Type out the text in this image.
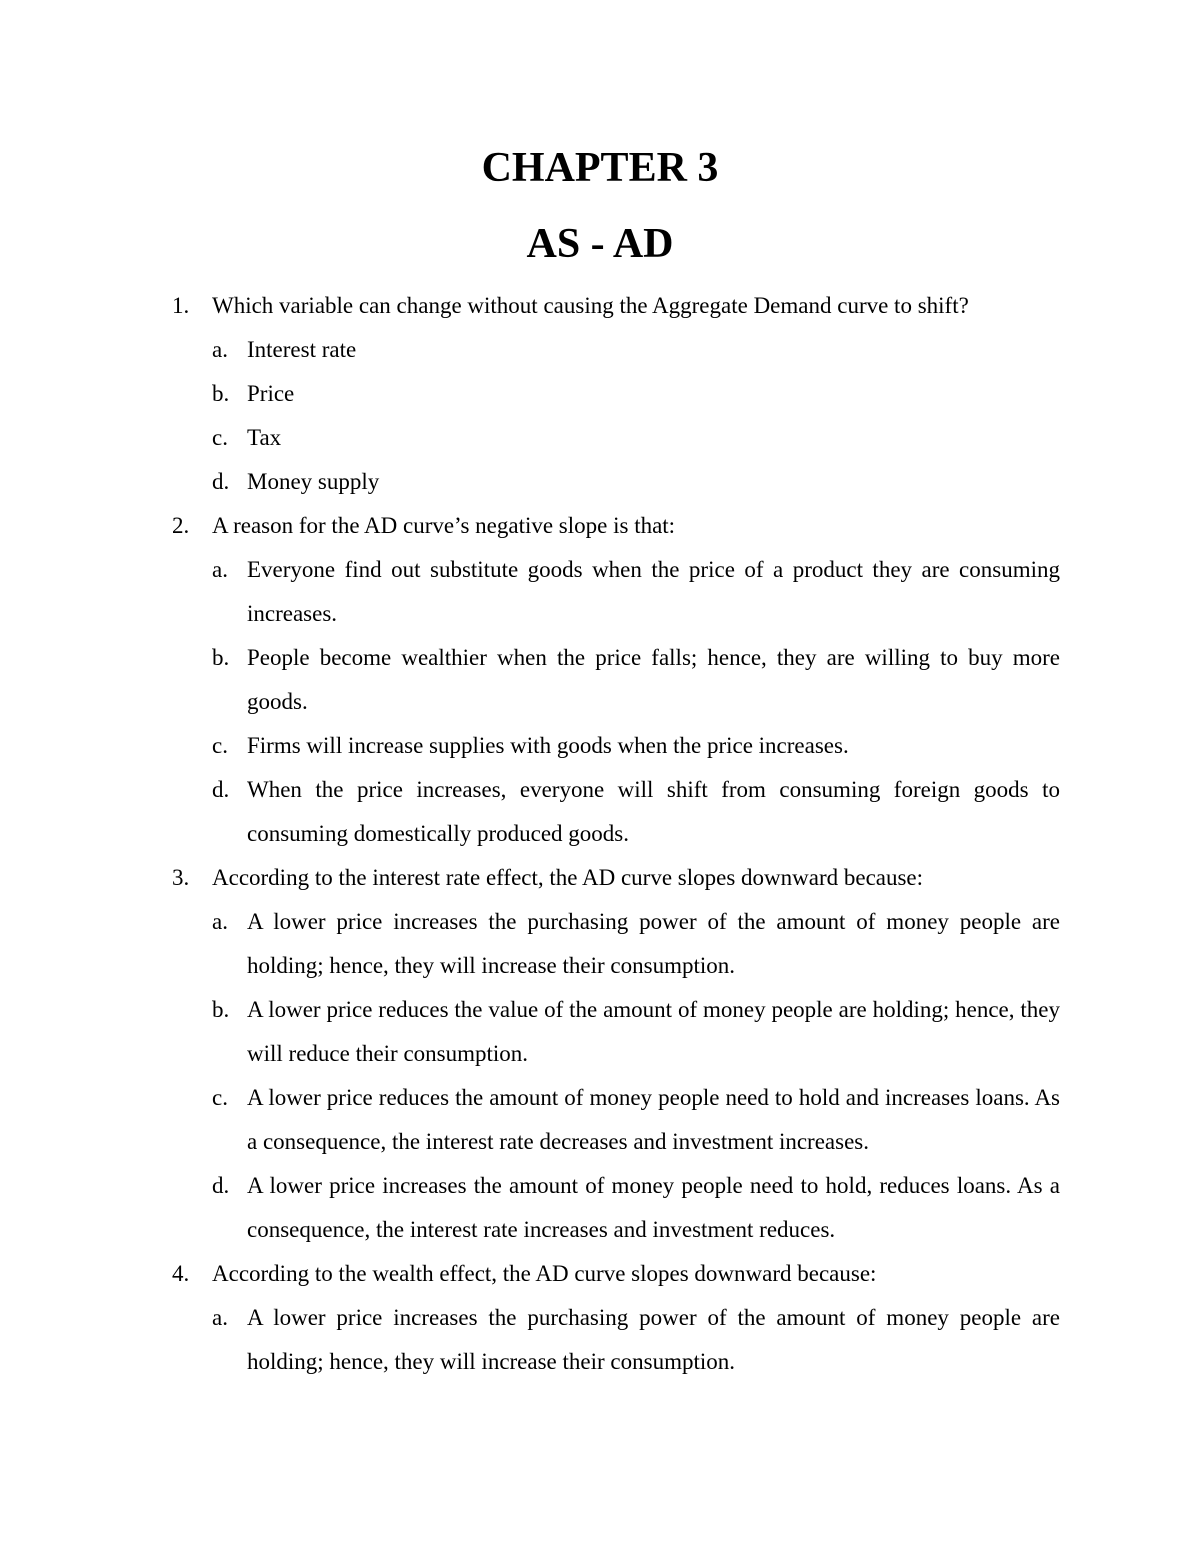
CHAPTER 3
AS - AD
1. Which variable can change without causing the Aggregate Demand curve to shift?
a. Interest rate
b. Price
c. Tax
d. Money supply
2. A reason for the AD curve’s negative slope is that:
a. Everyone find out substitute goods when the price of a product they are consuming increases.
b. People become wealthier when the price falls; hence, they are willing to buy more goods.
c. Firms will increase supplies with goods when the price increases.
d. When the price increases, everyone will shift from consuming foreign goods to consuming domestically produced goods.
3. According to the interest rate effect, the AD curve slopes downward because:
a. A lower price increases the purchasing power of the amount of money people are holding; hence, they will increase their consumption.
b. A lower price reduces the value of the amount of money people are holding; hence, they will reduce their consumption.
c. A lower price reduces the amount of money people need to hold and increases loans. As a consequence, the interest rate decreases and investment increases.
d. A lower price increases the amount of money people need to hold, reduces loans. As a consequence, the interest rate increases and investment reduces.
4. According to the wealth effect, the AD curve slopes downward because:
a. A lower price increases the purchasing power of the amount of money people are holding; hence, they will increase their consumption.
